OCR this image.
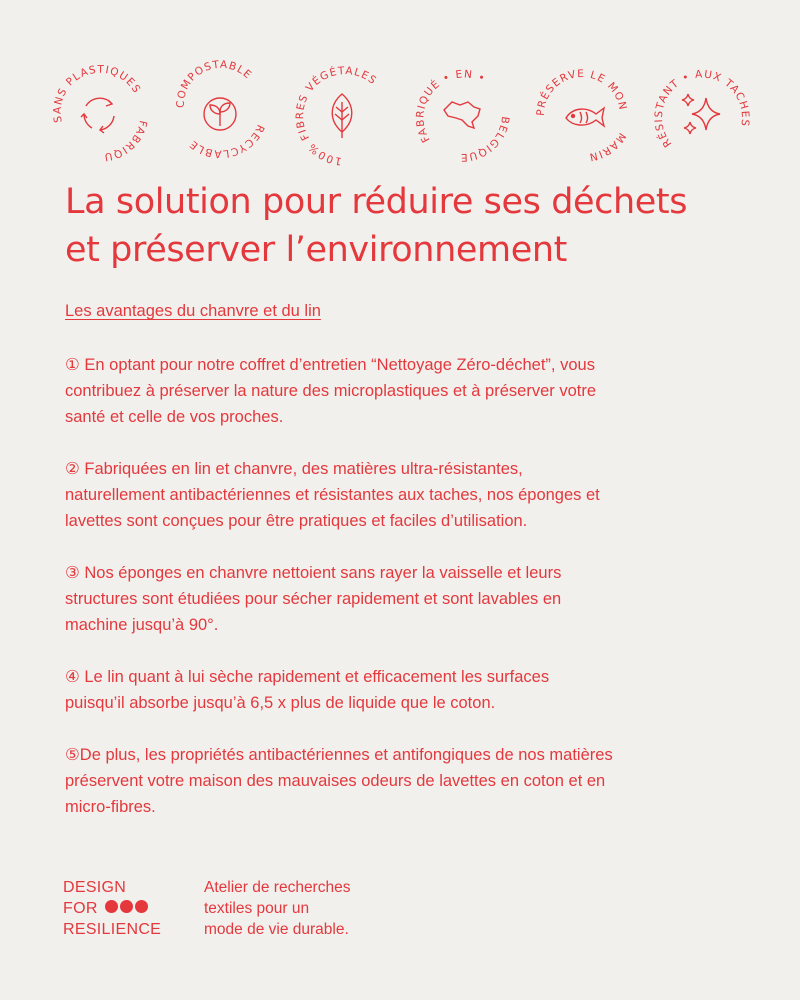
SANS PLASTIQUES
FABRIQUÉ
COMPOSTABLE
RECYCLABLE
100% FIBRES VÉGÉTALES
FABRIQUÉ • EN •
BELGIQUE •
PRÉSERVE LE MONDE
MARIN
RÉSISTANT • AUX TACHES
La solution pour réduire ses déchets
et préserver l’environnement

Les avantages du chanvre et du lin

① En optant pour notre coffret d’entretien “Nettoyage Zéro-déchet”, vous
contribuez à préserver la nature des microplastiques et à préserver votre
santé et celle de vos proches.
② Fabriquées en lin et chanvre, des matières ultra-résistantes,
naturellement antibactériennes et résistantes aux taches, nos éponges et
lavettes sont conçues pour être pratiques et faciles d’utilisation.
③ Nos éponges en chanvre nettoient sans rayer la vaisselle et leurs
structures sont étudiées pour sécher rapidement et sont lavables en
machine jusqu’à 90°.
④ Le lin quant à lui sèche rapidement et efficacement les surfaces
puisqu’il absorbe jusqu’à 6,5 x plus de liquide que le coton.
⑤De plus, les propriétés antibactériennes et antifongiques de nos matières
préservent votre maison des mauvaises odeurs de lavettes en coton et en
micro-fibres.
DESIGN
FOR
RESILIENCE
Atelier de recherches
textiles pour un
mode de vie durable.
